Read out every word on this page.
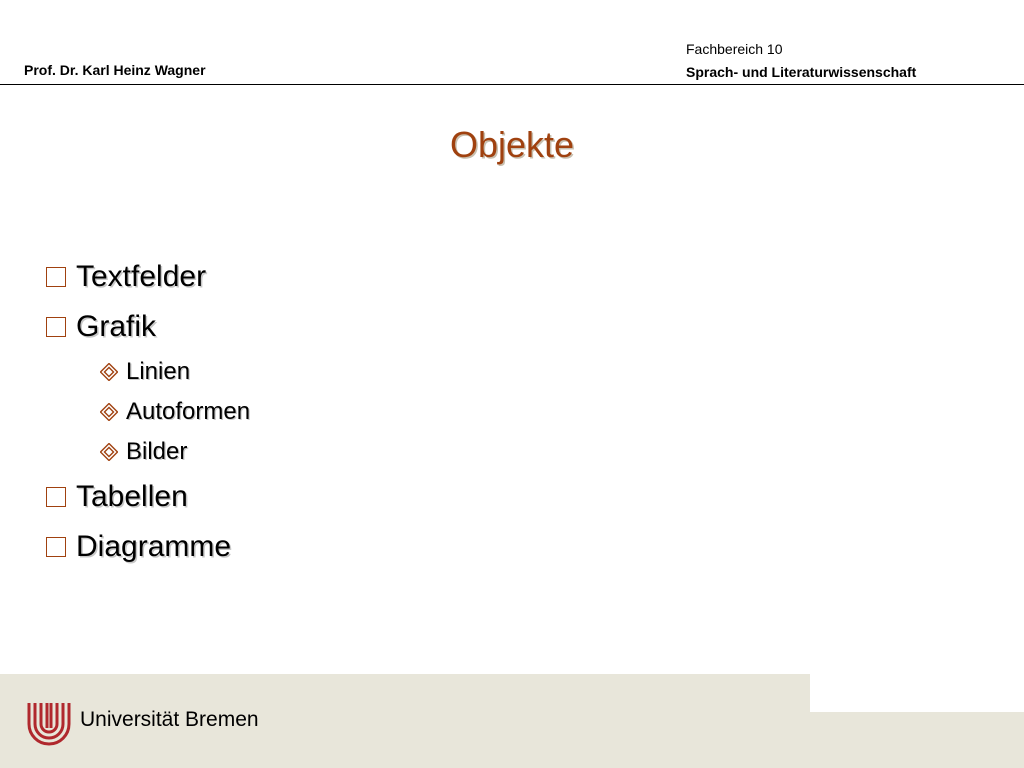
Prof. Dr. Karl Heinz Wagner
Fachbereich 10
Sprach- und Literaturwissenschaft
Objekte
Textfelder
Grafik
Linien
Autoformen
Bilder
Tabellen
Diagramme
Universität Bremen
